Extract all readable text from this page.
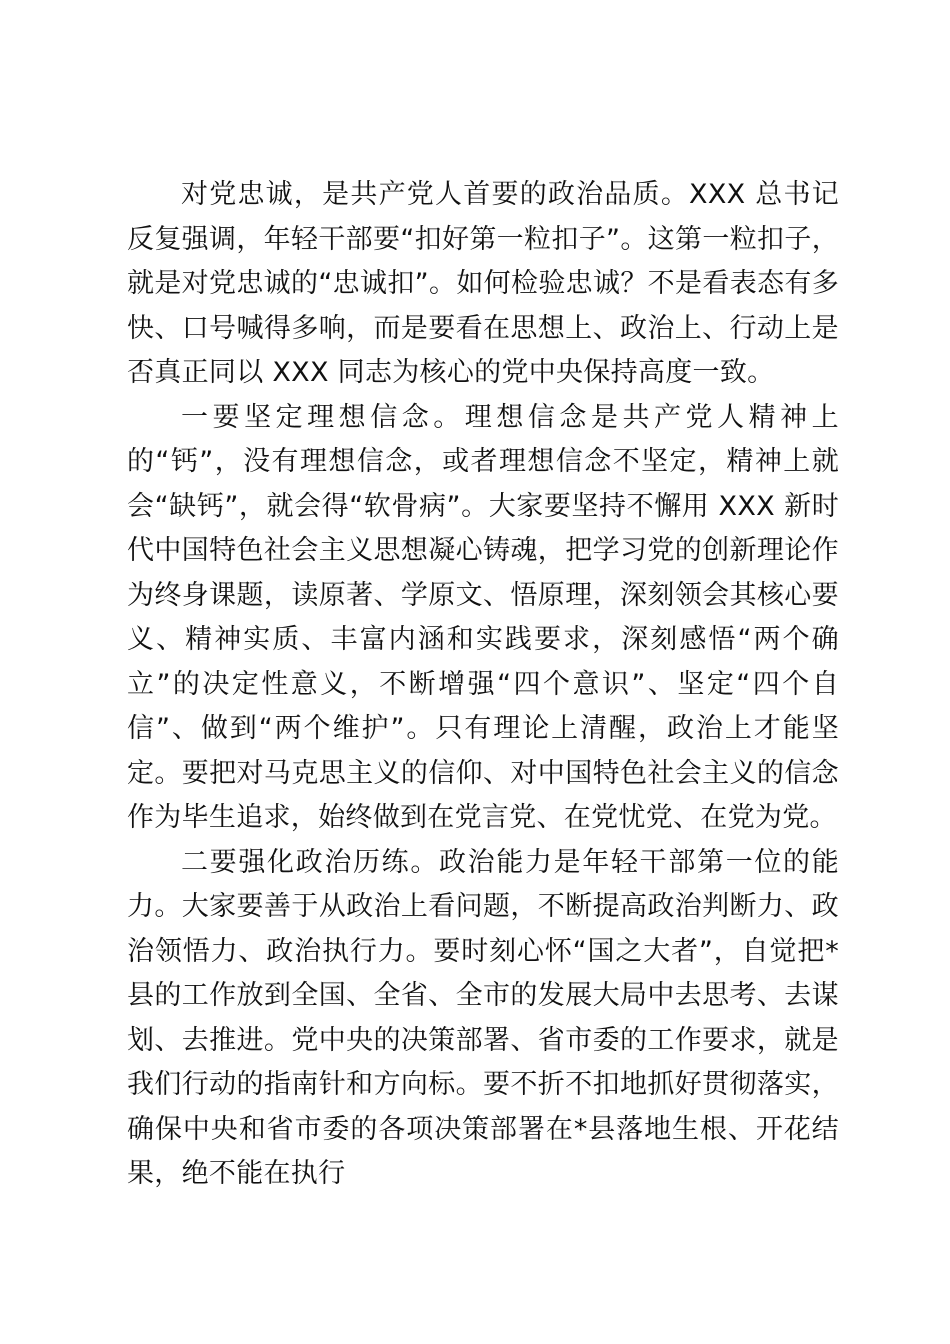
对党忠诚，是共产党人首要的政治品质。XXX 总书记反复强调，年轻干部要“扣好第一粒扣子”。这第一粒扣子，就是对党忠诚的“忠诚扣”。如何检验忠诚？不是看表态有多快、口号喊得多响，而是要看在思想上、政治上、行动上是否真正同以 XXX 同志为核心的党中央保持高度一致。

一要坚定理想信念。理想信念是共产党人精神上的“钙”，没有理想信念，或者理想信念不坚定，精神上就会“缺钙”，就会得“软骨病”。大家要坚持不懈用 XXX 新时代中国特色社会主义思想凝心铸魂，把学习党的创新理论作为终身课题，读原著、学原文、悟原理，深刻领会其核心要义、精神实质、丰富内涵和实践要求，深刻感悟“两个确立”的决定性意义，不断增强“四个意识”、坚定“四个自信”、做到“两个维护”。只有理论上清醒，政治上才能坚定。要把对马克思主义的信仰、对中国特色社会主义的信念作为毕生追求，始终做到在党言党、在党忧党、在党为党。

二要强化政治历练。政治能力是年轻干部第一位的能力。大家要善于从政治上看问题，不断提高政治判断力、政治领悟力、政治执行力。要时刻心怀“国之大者”，自觉把*县的工作放到全国、全省、全市的发展大局中去思考、去谋划、去推进。党中央的决策部署、省市委的工作要求，就是我们行动的指南针和方向标。要不折不扣地抓好贯彻落实，确保中央和省市委的各项决策部署在*县落地生根、开花结果，绝不能在执行
